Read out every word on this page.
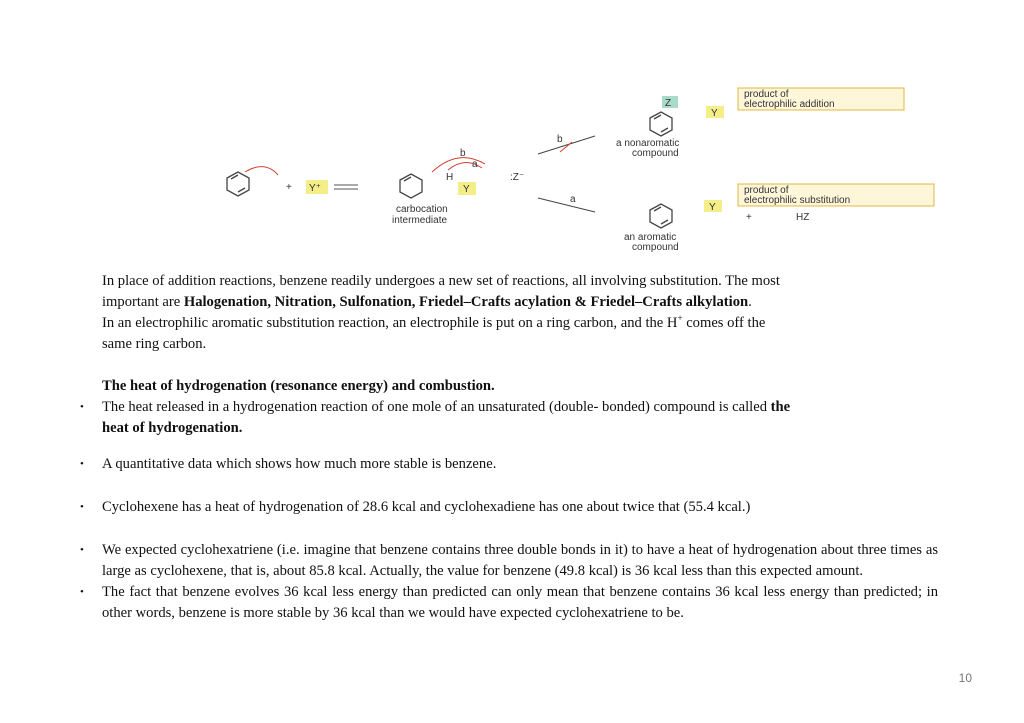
+ Y⁺
H
Y
:Z⁻
b
a
carbocation
intermediate
b
a
Z
Y
a nonaromatic
compound
product of
electrophilic addition
Y
+	HZ
an aromatic
compound
product of
electrophilic substitution

In place of addition reactions, benzene readily undergoes a new set of reactions, all involving substitution. The most

important are Halogenation, Nitration, Sulfonation, Friedel–Crafts acylation & Friedel–Crafts alkylation.

In an electrophilic aromatic substitution reaction, an electrophile is put on a ring carbon, and the H+ comes off the

same ring carbon.

The heat of hydrogenation (resonance energy) and combustion.
• The heat released in a hydrogenation reaction of one mole of an unsaturated (double- bonded) compound is called the
heat of hydrogenation.
• A quantitative data which shows how much more stable is benzene.
• Cyclohexene has a heat of hydrogenation of 28.6 kcal and cyclohexadiene has one about twice that (55.4 kcal.)
• We expected cyclohexatriene (i.e. imagine that benzene contains three double bonds in it) to have a heat of hydrogenation about three times as large as cyclohexene, that is, about 85.8 kcal. Actually, the value for benzene (49.8 kcal) is 36 kcal less than this expected amount.
• The fact that benzene evolves 36 kcal less energy than predicted can only mean that benzene contains 36 kcal less energy than predicted; in other words, benzene is more stable by 36 kcal than we would have expected cyclohexatriene to be.
10
